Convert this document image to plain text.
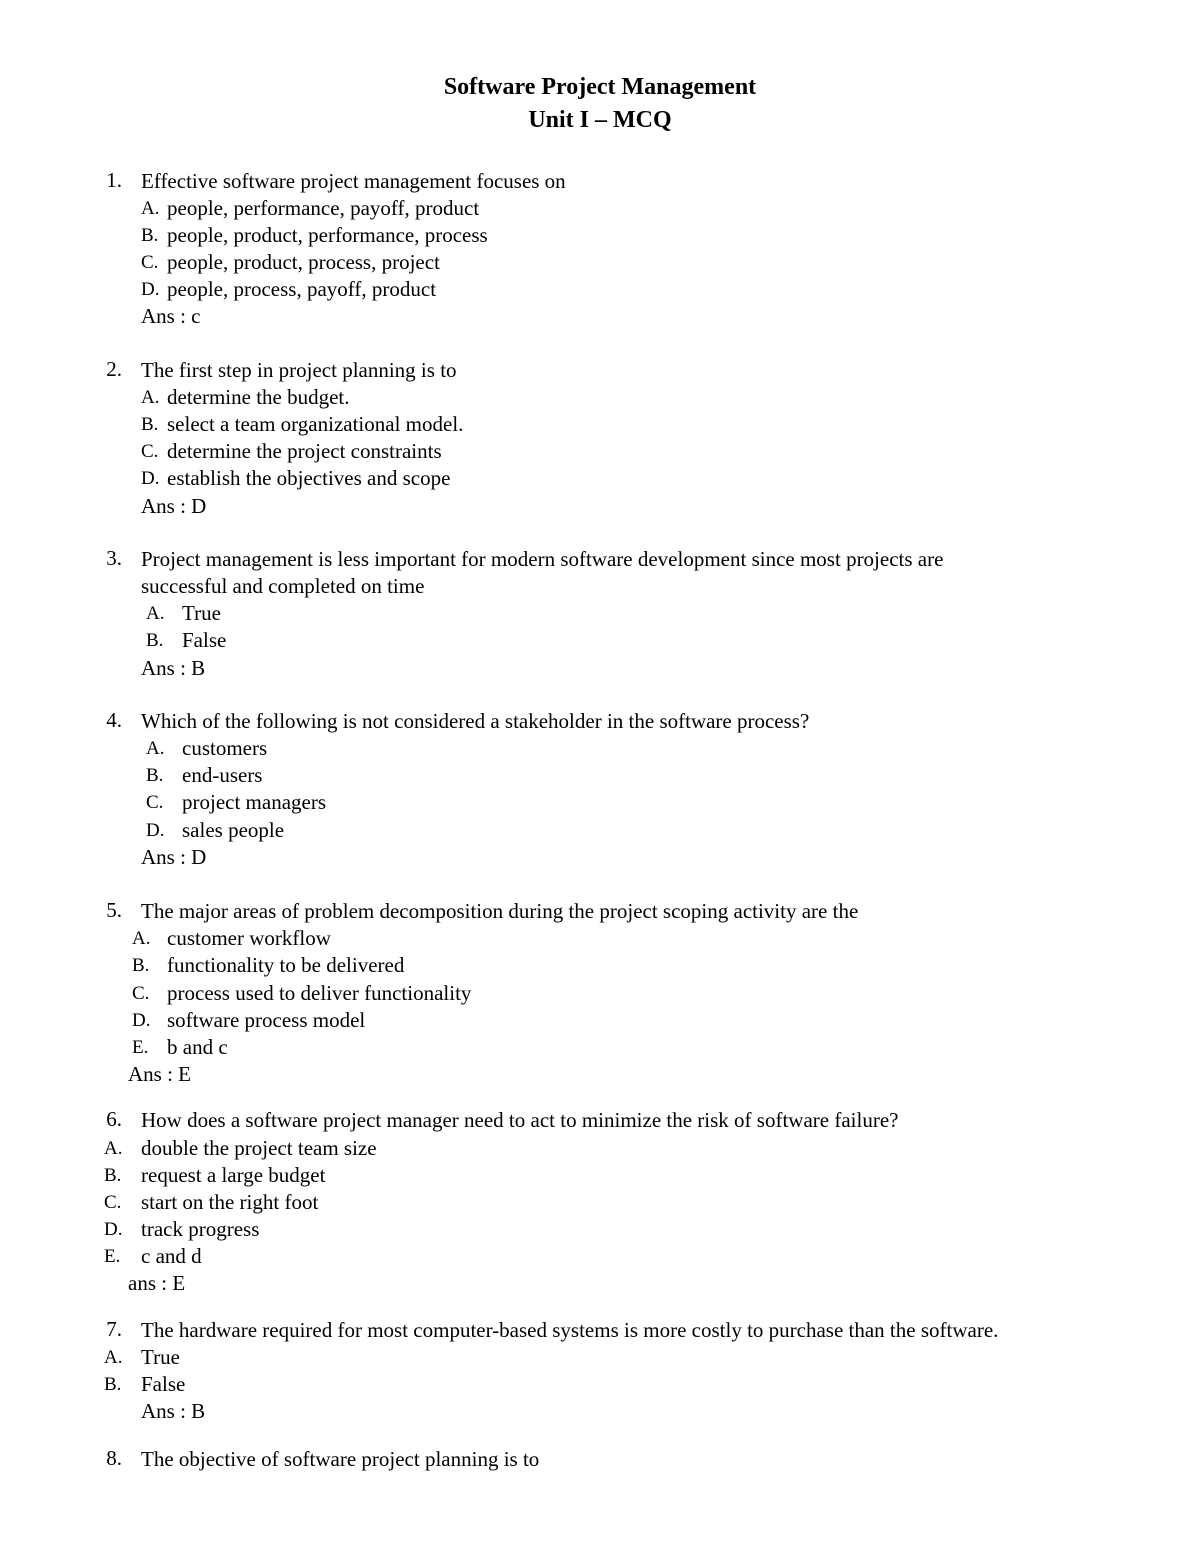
Software Project Management
Unit I – MCQ
1. Effective software project management focuses on
A. people, performance, payoff, product
B. people, product, performance, process
C. people, product, process, project
D. people, process, payoff, product
Ans : c
2. The first step in project planning is to
A. determine the budget.
B. select a team organizational model.
C. determine the project constraints
D. establish the objectives and scope
Ans : D
3. Project management is less important for modern software development since most projects are
successful and completed on time
A. True
B. False
Ans : B
4. Which of the following is not considered a stakeholder in the software process?
A. customers
B. end-users
C. project managers
D. sales people
Ans : D
5. The major areas of problem decomposition during the project scoping activity are the
A. customer workflow
B. functionality to be delivered
C. process used to deliver functionality
D. software process model
E. b and c
Ans : E
6. How does a software project manager need to act to minimize the risk of software failure?
A. double the project team size
B. request a large budget
C. start on the right foot
D. track progress
E. c and d
ans : E
7. The hardware required for most computer-based systems is more costly to purchase than the software.
A. True
B. False
Ans : B
8. The objective of software project planning is to
